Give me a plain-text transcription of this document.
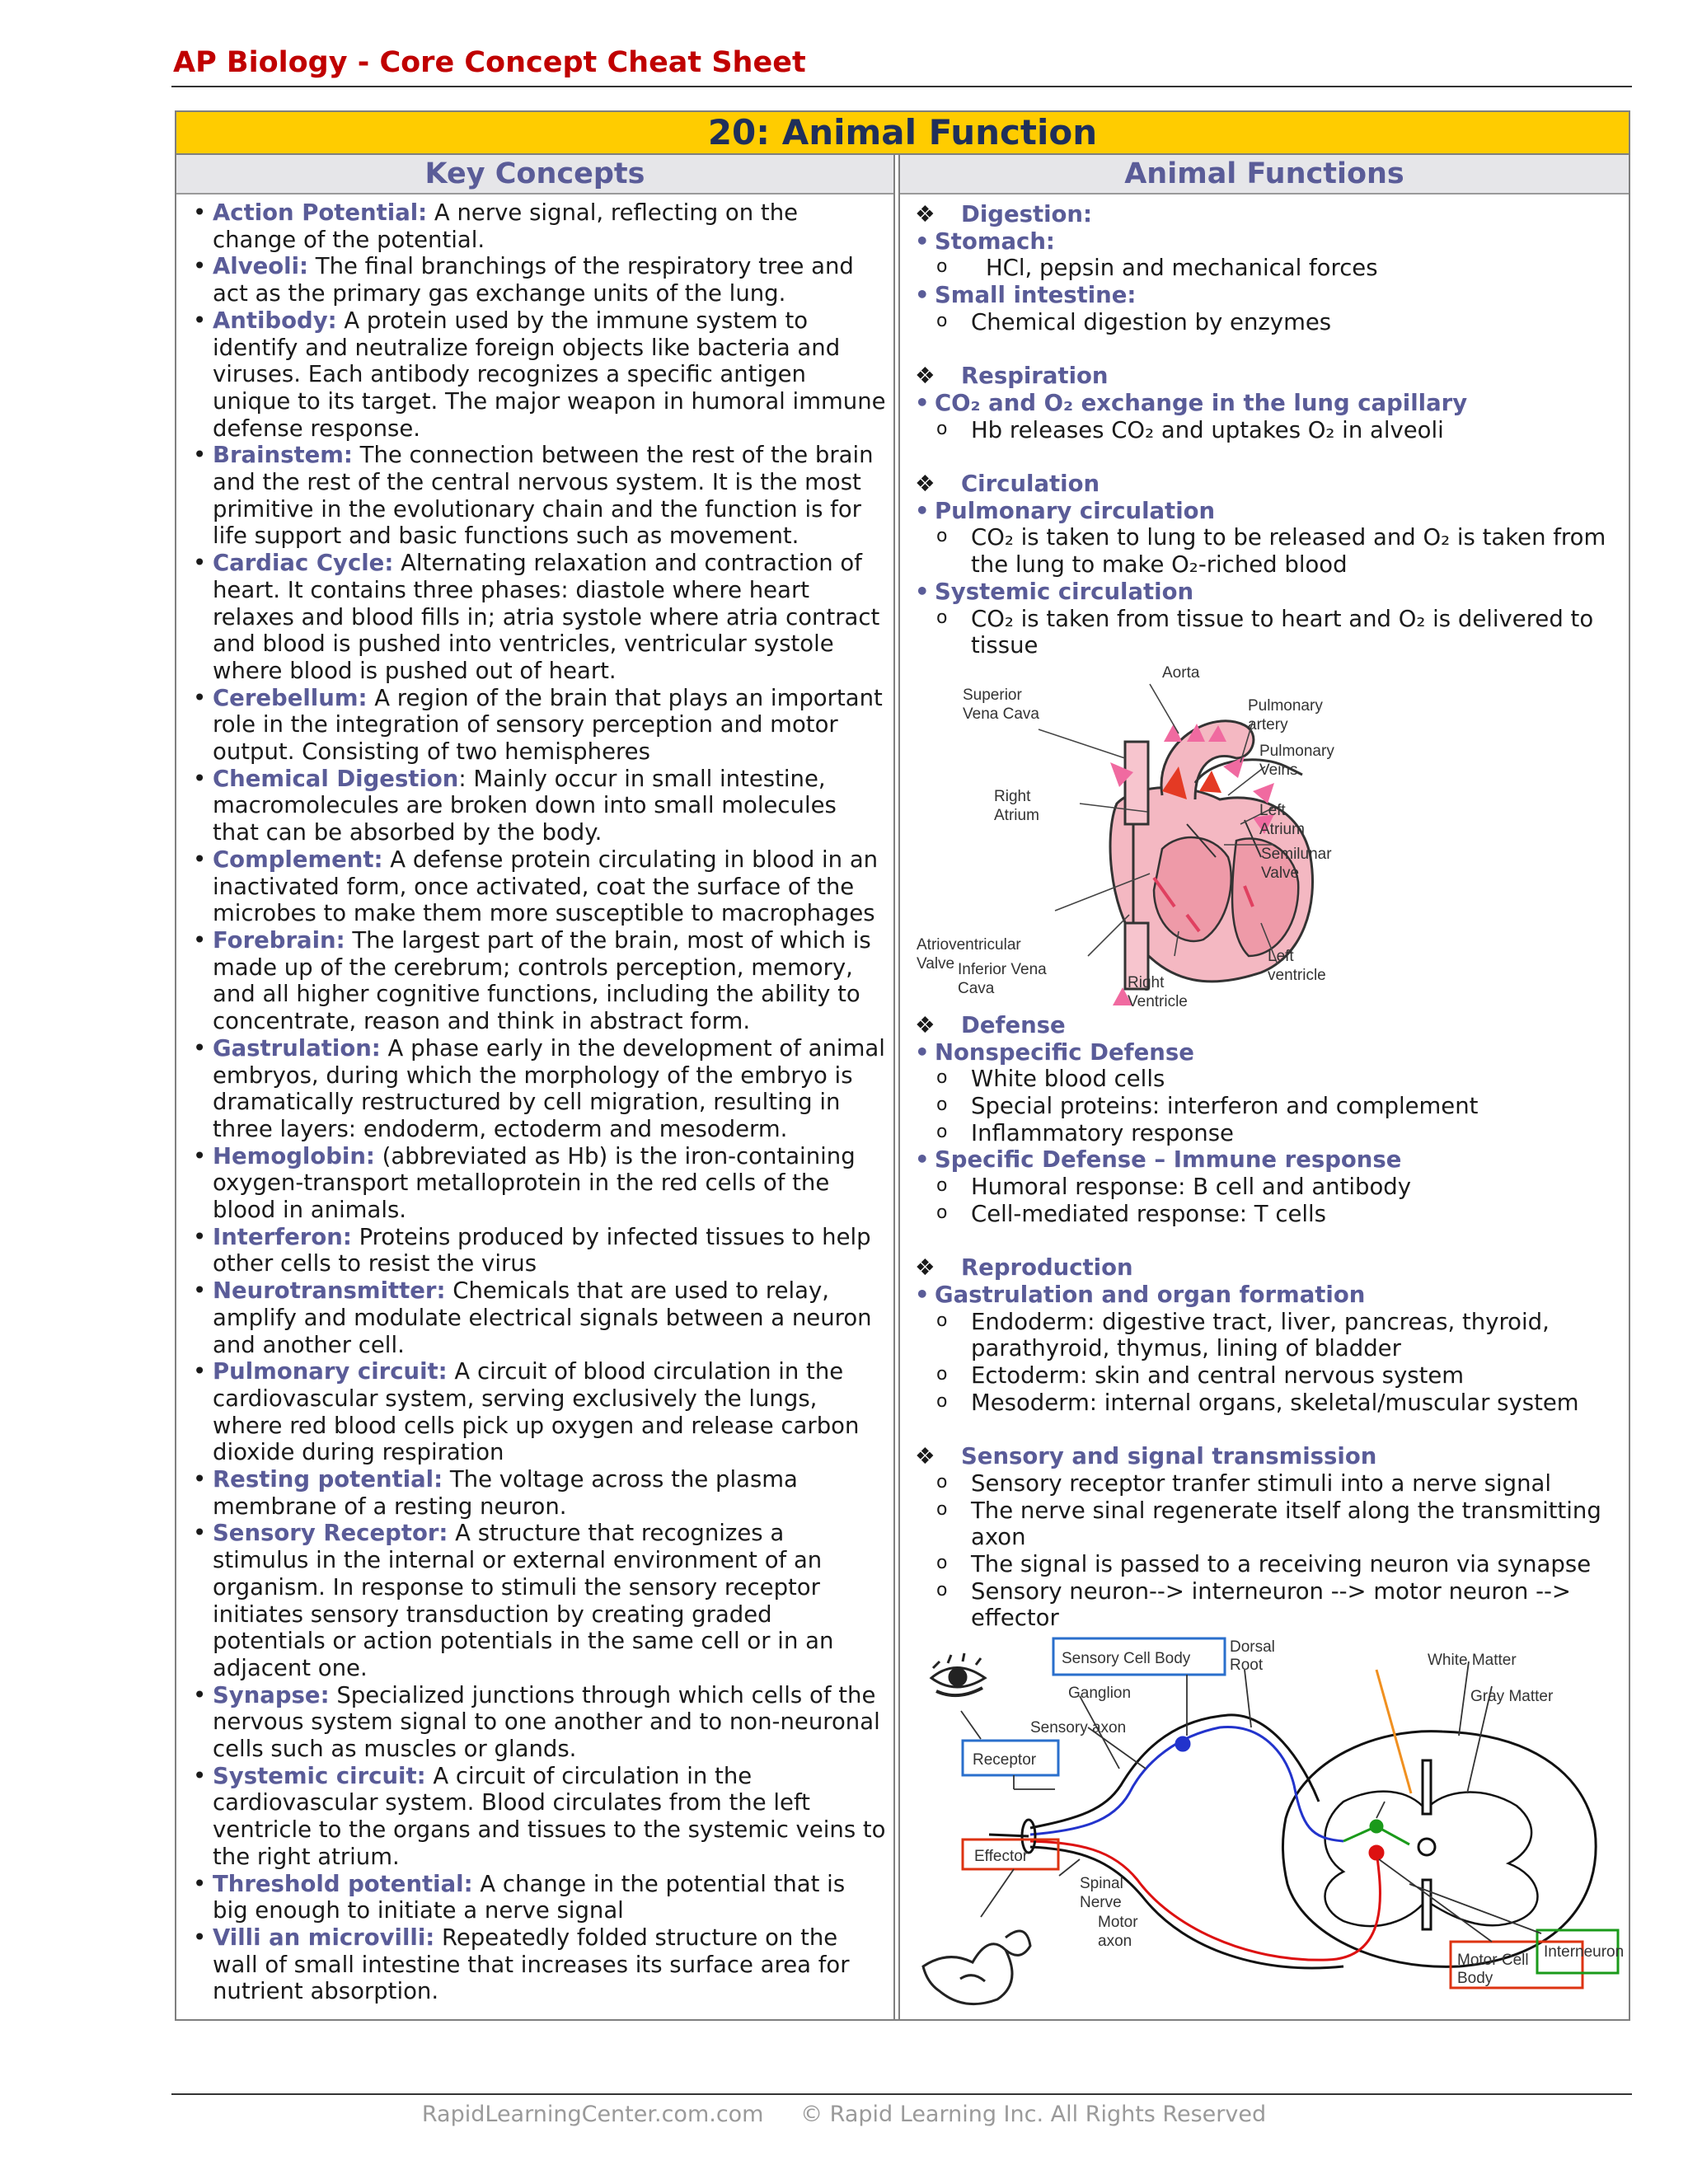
AP Biology - Core Concept Cheat Sheet
20: Animal Function
Key Concepts
• Action Potential: A nerve signal, reflecting on the change of the potential.
• Alveoli: The final branchings of the respiratory tree and act as the primary gas exchange units of the lung.
• Antibody: A protein used by the immune system to identify and neutralize foreign objects like bacteria and viruses. Each antibody recognizes a specific antigen unique to its target. The major weapon in humoral immune defense response.
• Brainstem: The connection between the rest of the brain and the rest of the central nervous system. It is the most primitive in the evolutionary chain and the function is for life support and basic functions such as movement.
• Cardiac Cycle: Alternating relaxation and contraction of heart. It contains three phases: diastole where heart relaxes and blood fills in; atria systole where atria contract and blood is pushed into ventricles, ventricular systole where blood is pushed out of heart.
• Cerebellum: A region of the brain that plays an important role in the integration of sensory perception and motor output. Consisting of two hemispheres
• Chemical Digestion: Mainly occur in small intestine, macromolecules are broken down into small molecules that can be absorbed by the body.
• Complement: A defense protein circulating in blood in an inactivated form, once activated, coat the surface of the microbes to make them more susceptible to macrophages
• Forebrain: The largest part of the brain, most of which is made up of the cerebrum; controls perception, memory, and all higher cognitive functions, including the ability to concentrate, reason and think in abstract form.
• Gastrulation: A phase early in the development of animal embryos, during which the morphology of the embryo is dramatically restructured by cell migration, resulting in three layers: endoderm, ectoderm and mesoderm.
• Hemoglobin: (abbreviated as Hb) is the iron-containing oxygen-transport metalloprotein in the red cells of the blood in animals.
• Interferon: Proteins produced by infected tissues to help other cells to resist the virus
• Neurotransmitter: Chemicals that are used to relay, amplify and modulate electrical signals between a neuron and another cell.
• Pulmonary circuit: A circuit of blood circulation in the cardiovascular system, serving exclusively the lungs, where red blood cells pick up oxygen and release carbon dioxide during respiration
• Resting potential: The voltage across the plasma membrane of a resting neuron.
• Sensory Receptor: A structure that recognizes a stimulus in the internal or external environment of an organism. In response to stimuli the sensory receptor initiates sensory transduction by creating graded potentials or action potentials in the same cell or in an adjacent one.
• Synapse: Specialized junctions through which cells of the nervous system signal to one another and to non-neuronal cells such as muscles or glands.
• Systemic circuit: A circuit of circulation in the cardiovascular system. Blood circulates from the left ventricle to the organs and tissues to the systemic veins to the right atrium.
• Threshold potential: A change in the potential that is big enough to initiate a nerve signal
• Villi an microvilli: Repeatedly folded structure on the wall of small intestine that increases its surface area for nutrient absorption.
Animal Functions
❖ Digestion:
• Stomach:
o HCl, pepsin and mechanical forces
• Small intestine:
o Chemical digestion by enzymes
❖ Respiration
• CO₂ and O₂ exchange in the lung capillary
o Hb releases CO₂ and uptakes O₂ in alveoli
❖ Circulation
• Pulmonary circulation
o CO₂ is taken to lung to be released and O₂ is taken from the lung to make O₂-riched blood
• Systemic circulation
o CO₂ is taken from tissue to heart and O₂ is delivered to tissue
Aorta
Superior
Vena Cava	Pulmonary
artery
Pulmonary
Veins
Right
Atrium	Left
Atrium
Semilunar
Valve
Atrioventricular
Valve Inferior Vena
Cava	Right
Ventricle
Left
ventricle
❖ Defense
• Nonspecific Defense
o White blood cells
o Special proteins: interferon and complement
o Inflammatory response
• Specific Defense – Immune response
o Humoral response: B cell and antibody
o Cell-mediated response: T cells
❖ Reproduction
• Gastrulation and organ formation
o Endoderm: digestive tract, liver, pancreas, thyroid, parathyroid, thymus, lining of bladder
o Ectoderm: skin and central nervous system
o Mesoderm: internal organs, skeletal/muscular system
❖ Sensory and signal transmission
o Sensory receptor tranfer stimuli into a nerve signal
o The nerve sinal regenerate itself along the transmitting axon
o The signal is passed to a receiving neuron via synapse
o Sensory neuron--> interneuron --> motor neuron --> effector
Sensory Cell Body
Dorsal
Root	White Matter
Gray Matter
Ganglion
Sensory axon
Receptor
Effector
Spinal
Nerve
Motor
axon
Interneuron
Motor Cell
Body
RapidLearningCenter.com.com © Rapid Learning Inc. All Rights Reserved
